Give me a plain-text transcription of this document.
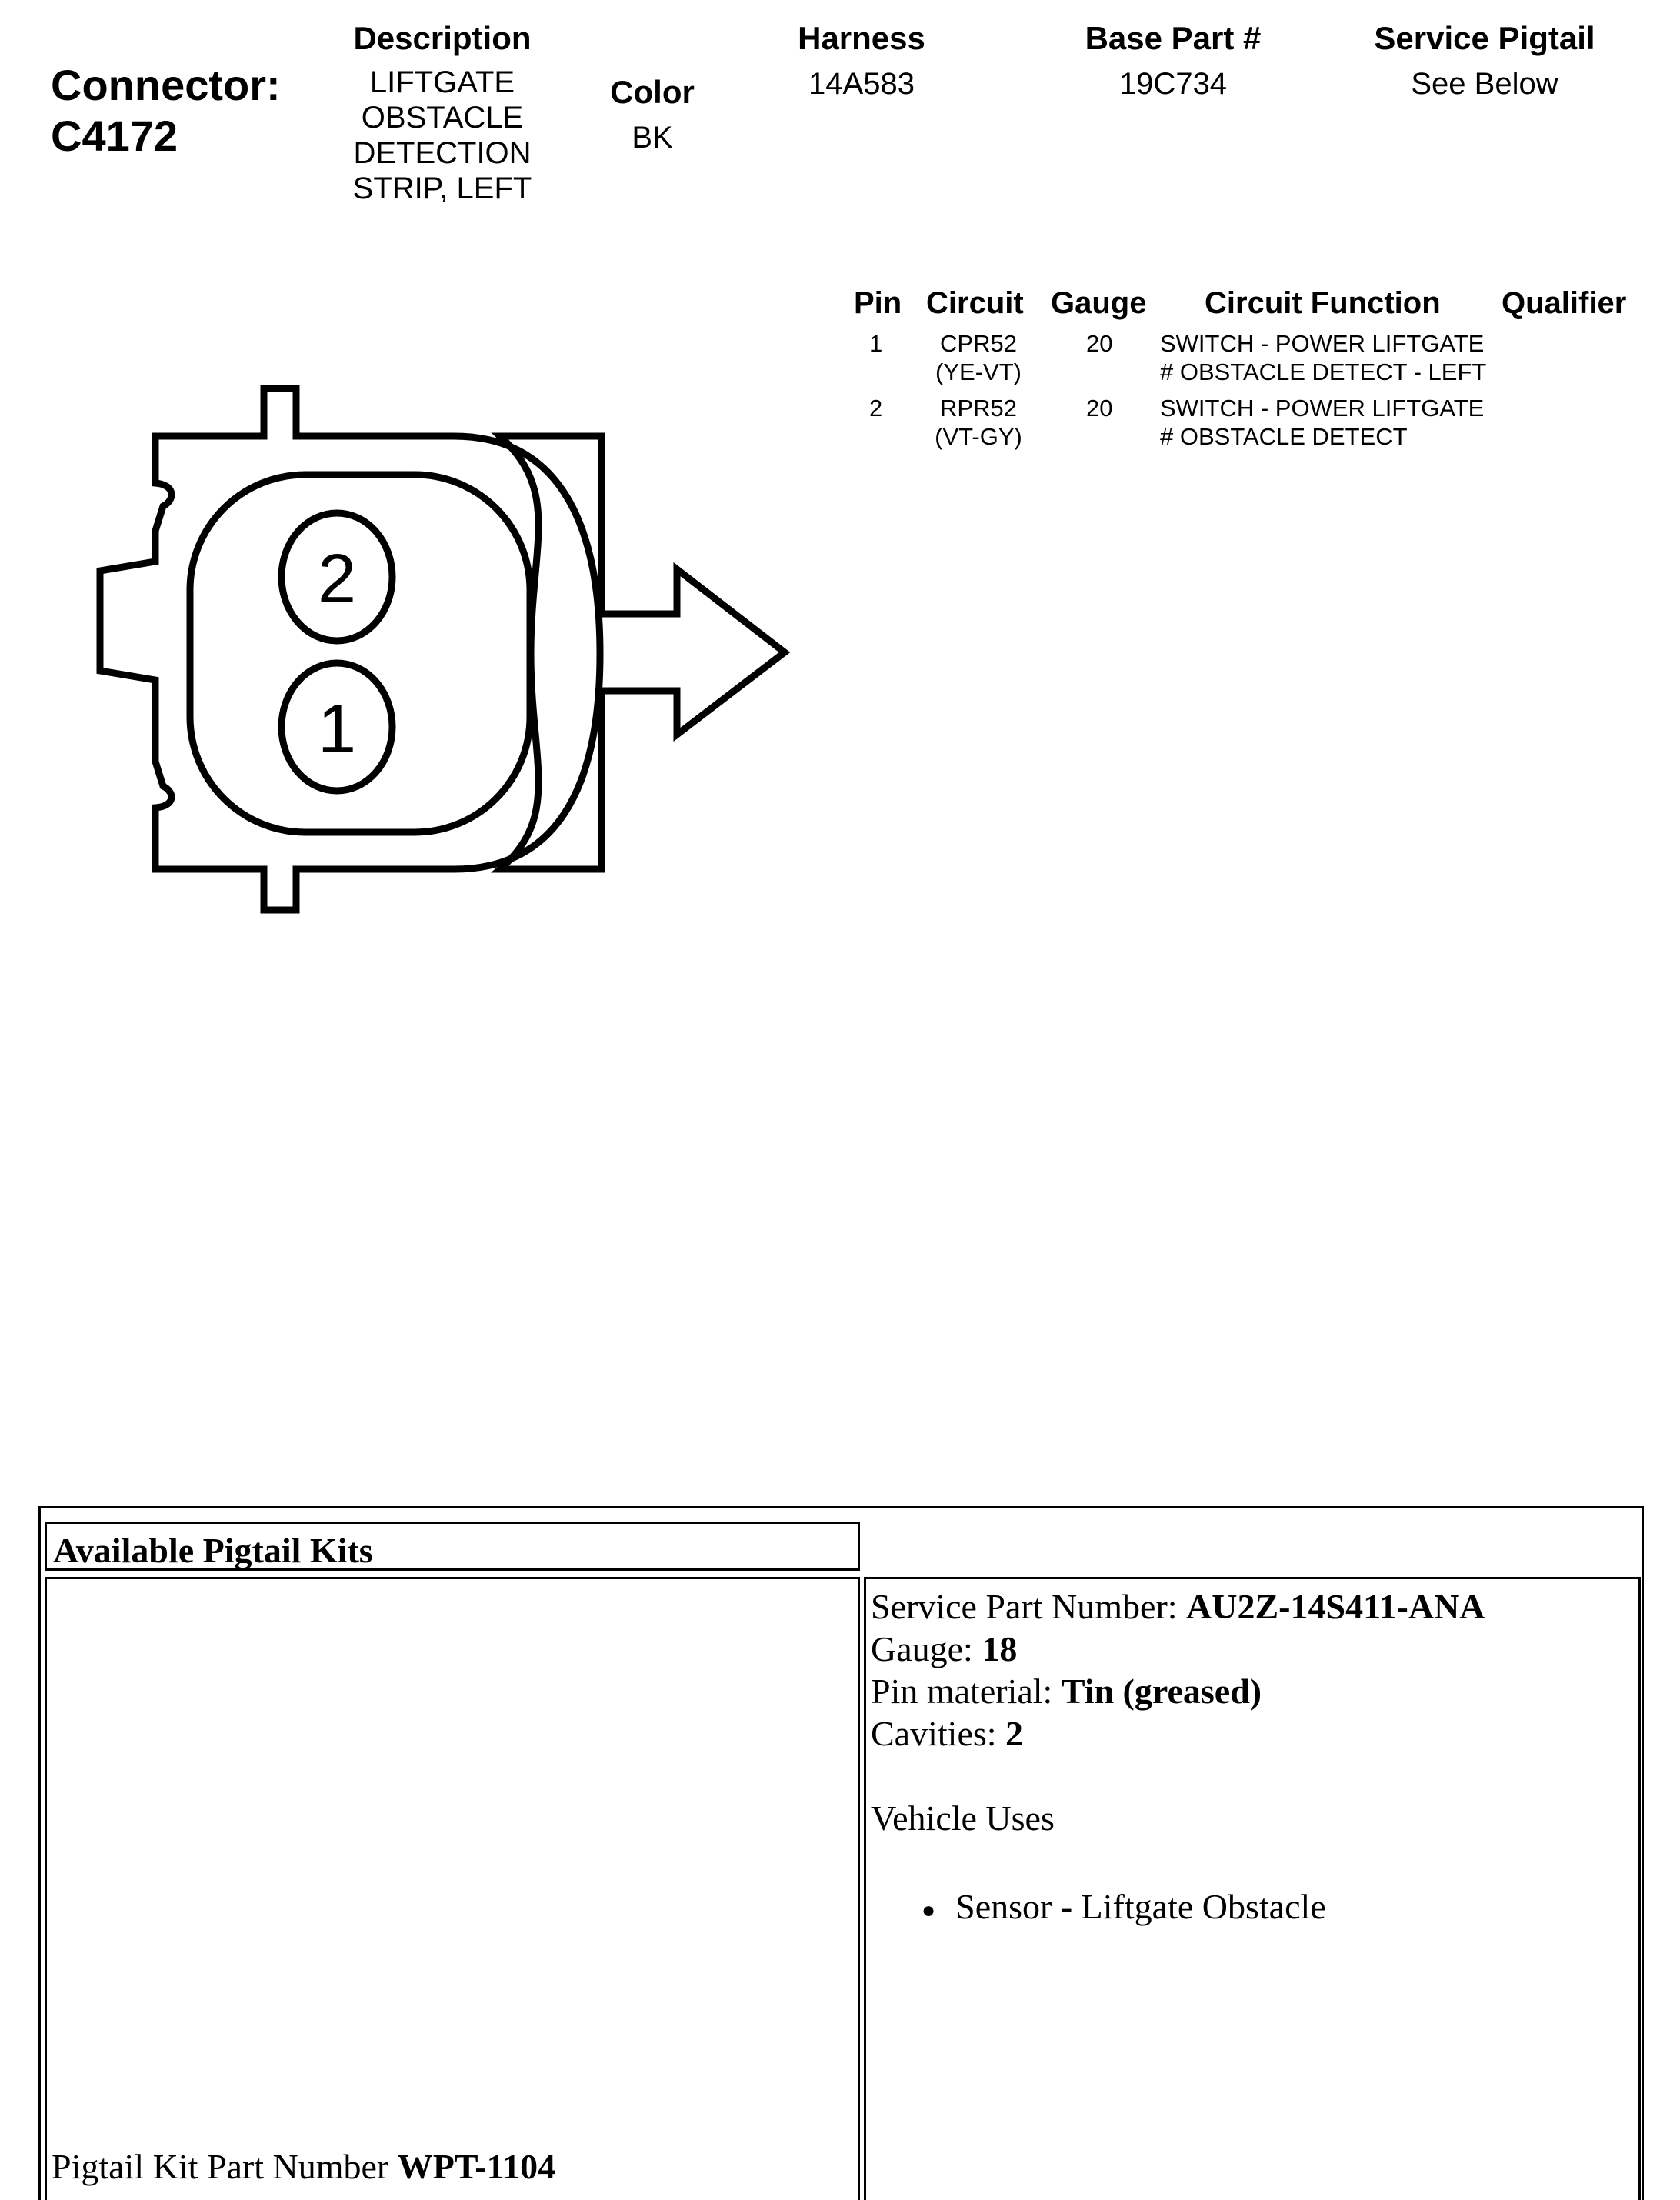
Connector:
C4172
Description
LIFTGATE
OBSTACLE
DETECTION
STRIP, LEFT
Color
BK
Harness
14A583
Base Part #
19C734
Service Pigtail
See Below
Pin Circuit Gauge Circuit Function Qualifier
1	CPR52
(YE-VT)
20 SWITCH - POWER LIFTGATE
# OBSTACLE DETECT - LEFT
2	RPR52
(VT-GY)
20 SWITCH - POWER LIFTGATE
# OBSTACLE DETECT
2
1
Available Pigtail Kits
Pigtail Kit Part Number WPT-1104
Service Part Number: AU2Z-14S411-ANA
Gauge: 18
Pin material: Tin (greased)
Cavities: 2
Vehicle Uses
● Sensor - Liftgate Obstacle
